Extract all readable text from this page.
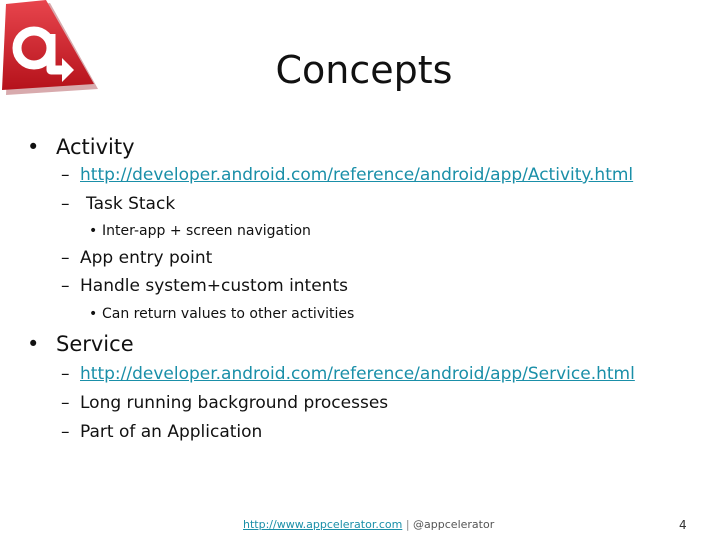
Concepts
• Activity
– http://developer.android.com/reference/android/app/Activity.html
– Task Stack
• Inter-app + screen navigation
– App entry point
– Handle system+custom intents
• Can return values to other activities
• Service
– http://developer.android.com/reference/android/app/Service.html
– Long running background processes
– Part of an Application
http://www.appcelerator.com | @appcelerator	4
